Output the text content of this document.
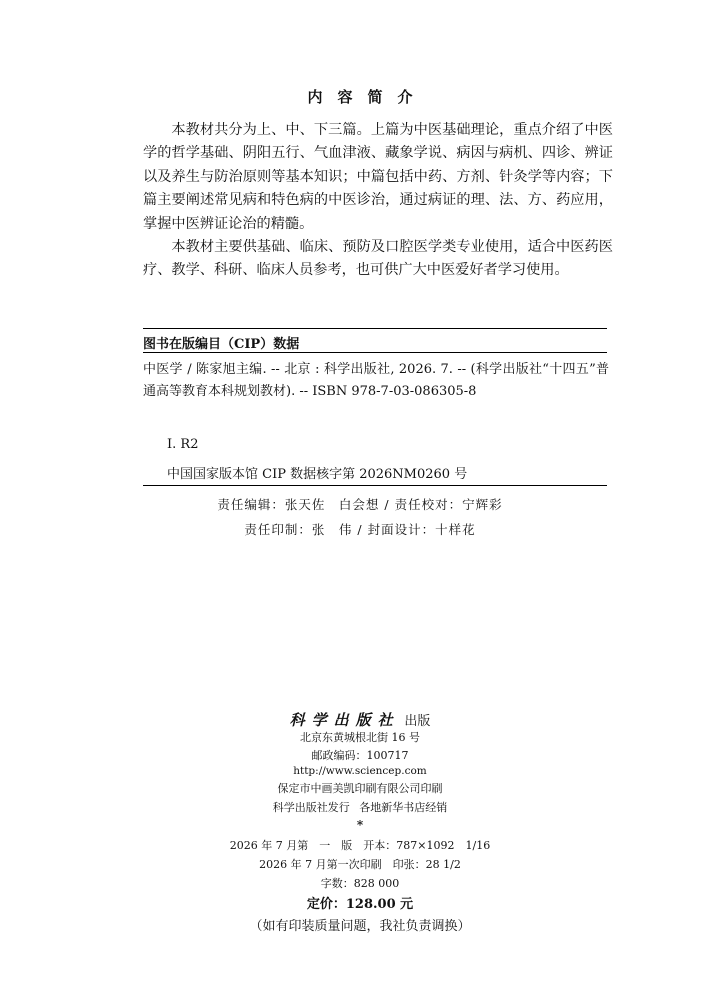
内容简介

本教材共分为上、中、下三篇。上篇为中医基础理论，重点介绍了中医学的哲学基础、阴阳五行、气血津液、藏象学说、病因与病机、四诊、辨证以及养生与防治原则等基本知识；中篇包括中药、方剂、针灸学等内容；下篇主要阐述常见病和特色病的中医诊治，通过病证的理、法、方、药应用，掌握中医辨证论治的精髓。

本教材主要供基础、临床、预防及口腔医学类专业使用，适合中医药医疗、教学、科研、临床人员参考，也可供广大中医爱好者学习使用。

图书在版编目（CIP）数据
中医学 / 陈家旭主编. -- 北京 : 科学出版社, 2026. 7. -- (科学出版社“十四五”普通高等教育本科规划教材). -- ISBN 978-7-03-086305-8
Ⅰ. R2
中国国家版本馆 CIP 数据核字第 2026NM0260 号
责任编辑：张天佐　白会想 / 责任校对：宁辉彩
责任印制：张　伟 / 封面设计：十样花
科学出版社 出版
北京东黄城根北街 16 号
邮政编码：100717
http://www.sciencep.com
保定市中画美凯印刷有限公司印刷
科学出版社发行 各地新华书店经销
*
2026 年 7 月第　一　版　开本：787×1092　1/16
2026 年 7 月第一次印刷　印张：28 1/2
字数：828 000
定价：128.00 元
（如有印装质量问题，我社负责调换）
